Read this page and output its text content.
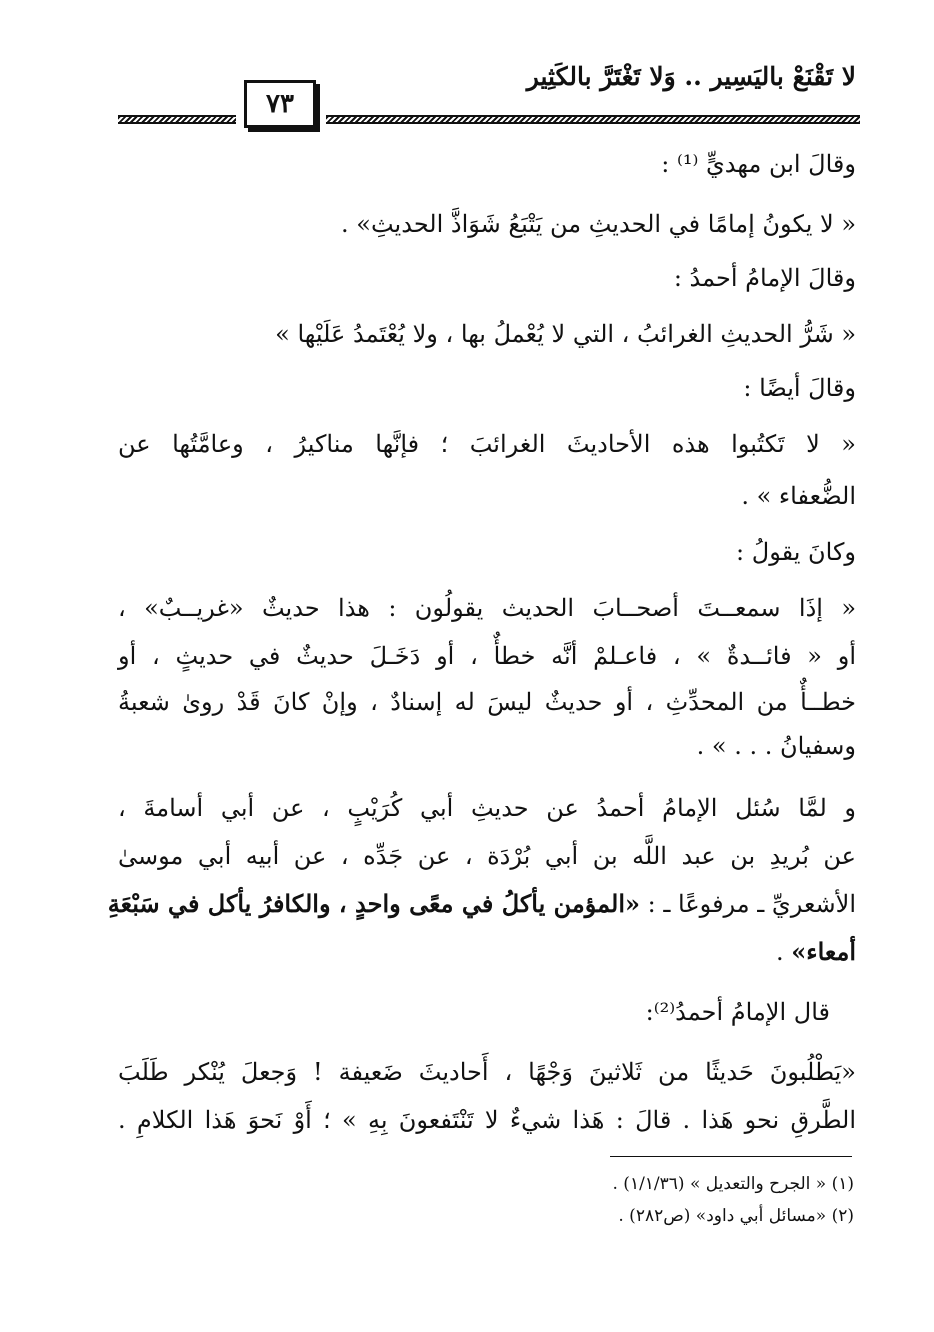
لا تَقْنَعْ باليَسِير .. وَلا تَغْتَرَّ بالكَثِير
٧٣
وقالَ ابن مهديٍّ ⁽¹⁾ :
« لا يكونُ إمامًا في الحديثِ من يَتْبَعُ شَوَاذَّ الحديثِ» .
وقالَ الإمامُ أحمدُ :
« شَرُّ الحديثِ الغرائبُ ، التي لا يُعْملُ بها ، ولا يُعْتَمدُ عَلَيْها »
وقالَ أيضًا :
« لا تَكتُبوا هذه الأحاديثَ الغرائبَ ؛ فإنَّها مناكيرُ ، وعامَّتُها عن
الضُّعفاء » .
وكانَ يقولُ :
« إذَا سمعــتَ أصحــابَ الحديث يقولُون : هذا حديثٌ «غريــبٌ» ،
أو « فائــدةٌ » ، فاعـلمْ أنَّه خطأٌ ، أو دَخَـلَ حديثٌ في حديثٍ ، أو
خطــأٌ من المحدِّثِ ، أو حديثٌ ليسَ له إسنادٌ ، وإنْ كانَ قَدْ روىٰ شعبةُ
وسفيانُ . . . » .
و لمَّا سُئل الإمامُ أحمدُ عن حديثِ أبي كُرَيْبٍ ، عن أبي أسامةَ ،
عن بُريدِ بن عبد اللَّه بن أبي بُرْدَة ، عن جَدِّه ، عن أبيه أبي موسىٰ
الأشعريِّ ـ مرفوعًا ـ : «المؤمن يأكلُ في معًى واحدٍ ، والكافرُ يأكل في سَبْعَةِ
أمعاء» .
قال الإمامُ أحمدُ⁽²⁾:
«يَطْلُبونَ حَديثًا من ثَلاثينَ وَجْهًا ، أَحاديثَ ضَعيفة ! وَجعلَ يُنْكر طَلَبَ
الطَّرقِ نحو هَذا . قالَ : هَذا شيءٌ لا تَنْتَفعونَ بِهِ » ؛ أَوْ نَحوَ هَذا الكلامِ .
(١) « الجرح والتعديل » (١/١/٣٦) .
(٢) «مسائل أبي داود» (ص٢٨٢) .
